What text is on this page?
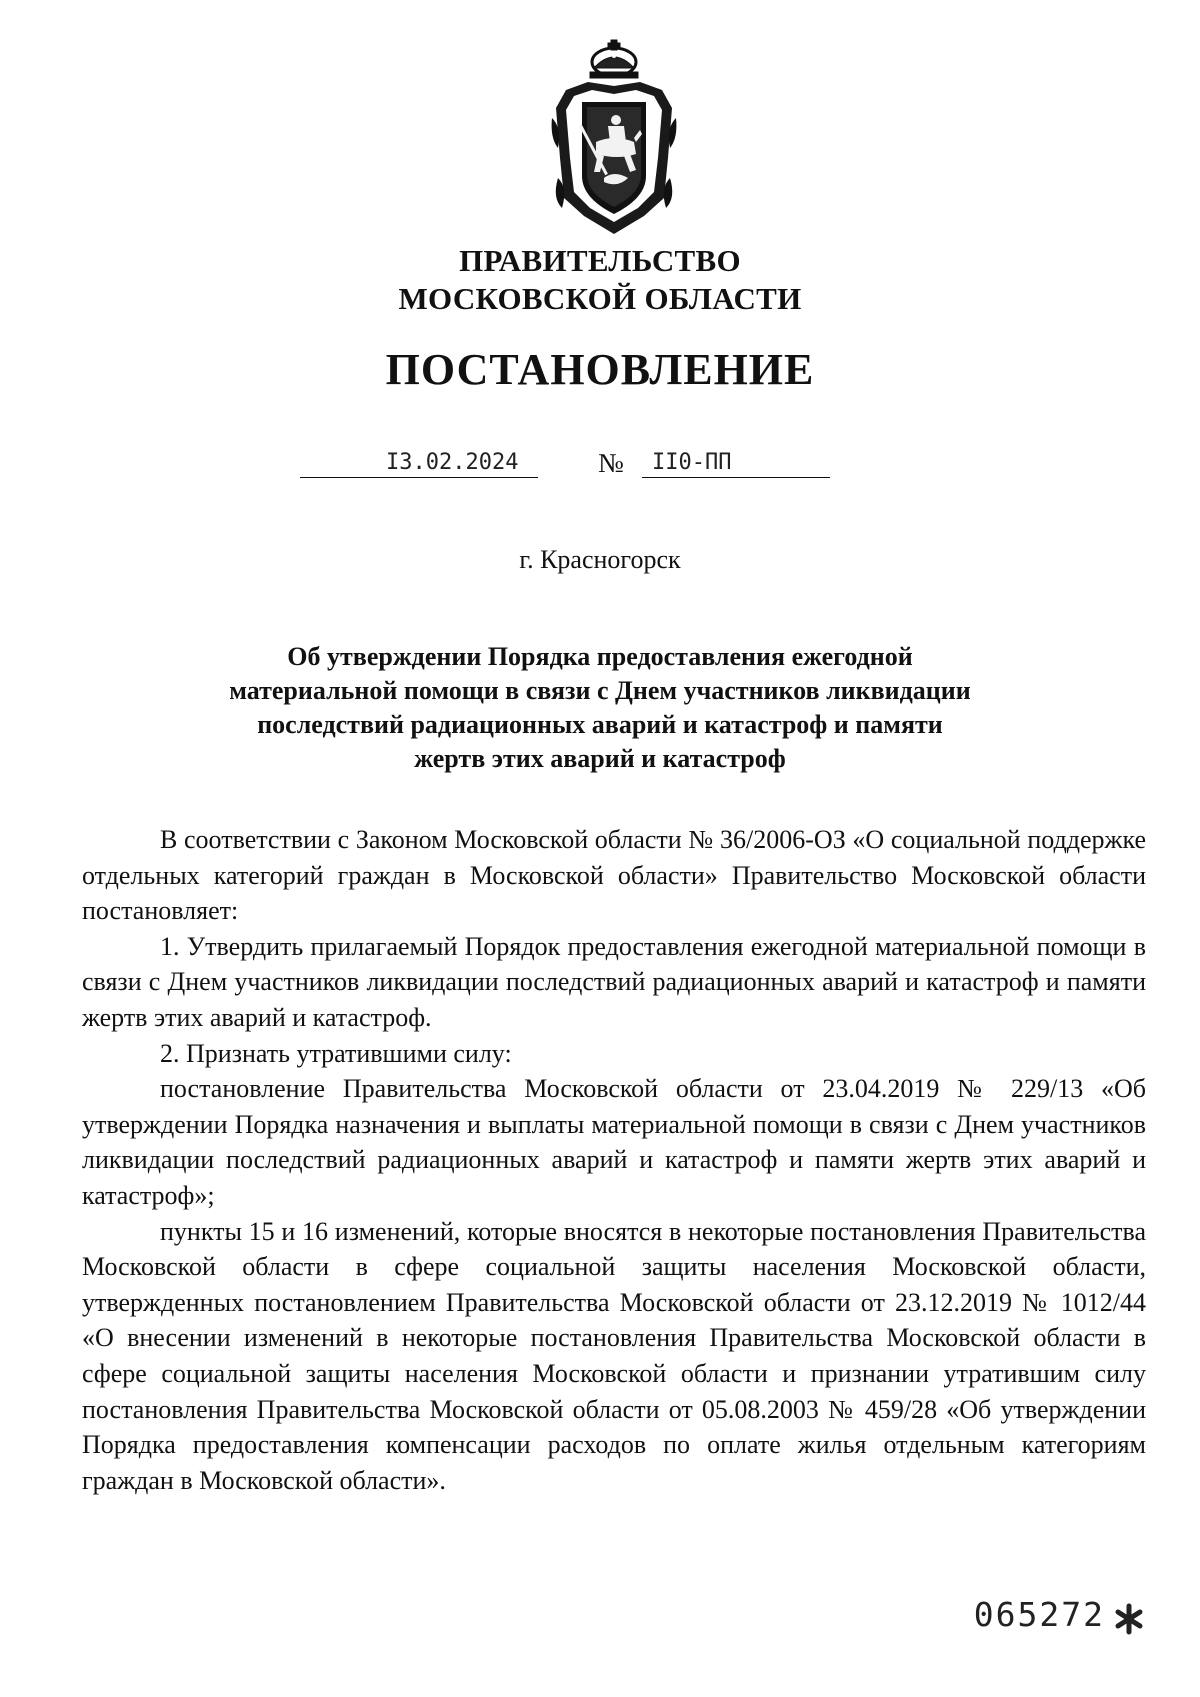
ПРАВИТЕЛЬСТВО
МОСКОВСКОЙ ОБЛАСТИ
ПОСТАНОВЛЕНИЕ
I3.02.2024	№ II0-ПП
г. Красногорск
Об утверждении Порядка предоставления ежегодной
материальной помощи в связи с Днем участников ликвидации
последствий радиационных аварий и катастроф и памяти
жертв этих аварий и катастроф

В соответствии с Законом Московской области № 36/2006-ОЗ «О социальной поддержке отдельных категорий граждан в Московской области» Правительство Московской области постановляет:

1. Утвердить прилагаемый Порядок предоставления ежегодной материальной помощи в связи с Днем участников ликвидации последствий радиационных аварий и катастроф и памяти жертв этих аварий и катастроф.

2. Признать утратившими силу:

постановление Правительства Московской области от 23.04.2019 № 229/13 «Об утверждении Порядка назначения и выплаты материальной помощи в связи с Днем участников ликвидации последствий радиационных аварий и катастроф и памяти жертв этих аварий и катастроф»;

пункты 15 и 16 изменений, которые вносятся в некоторые постановления Правительства Московской области в сфере социальной защиты населения Московской области, утвержденных постановлением Правительства Московской области от 23.12.2019 № 1012/44 «О внесении изменений в некоторые постановления Правительства Московской области в сфере социальной защиты населения Московской области и признании утратившим силу постановления Правительства Московской области от 05.08.2003 № 459/28 «Об утверждении Порядка предоставления компенсации расходов по оплате жилья отдельным категориям граждан в Московской области».

065272
